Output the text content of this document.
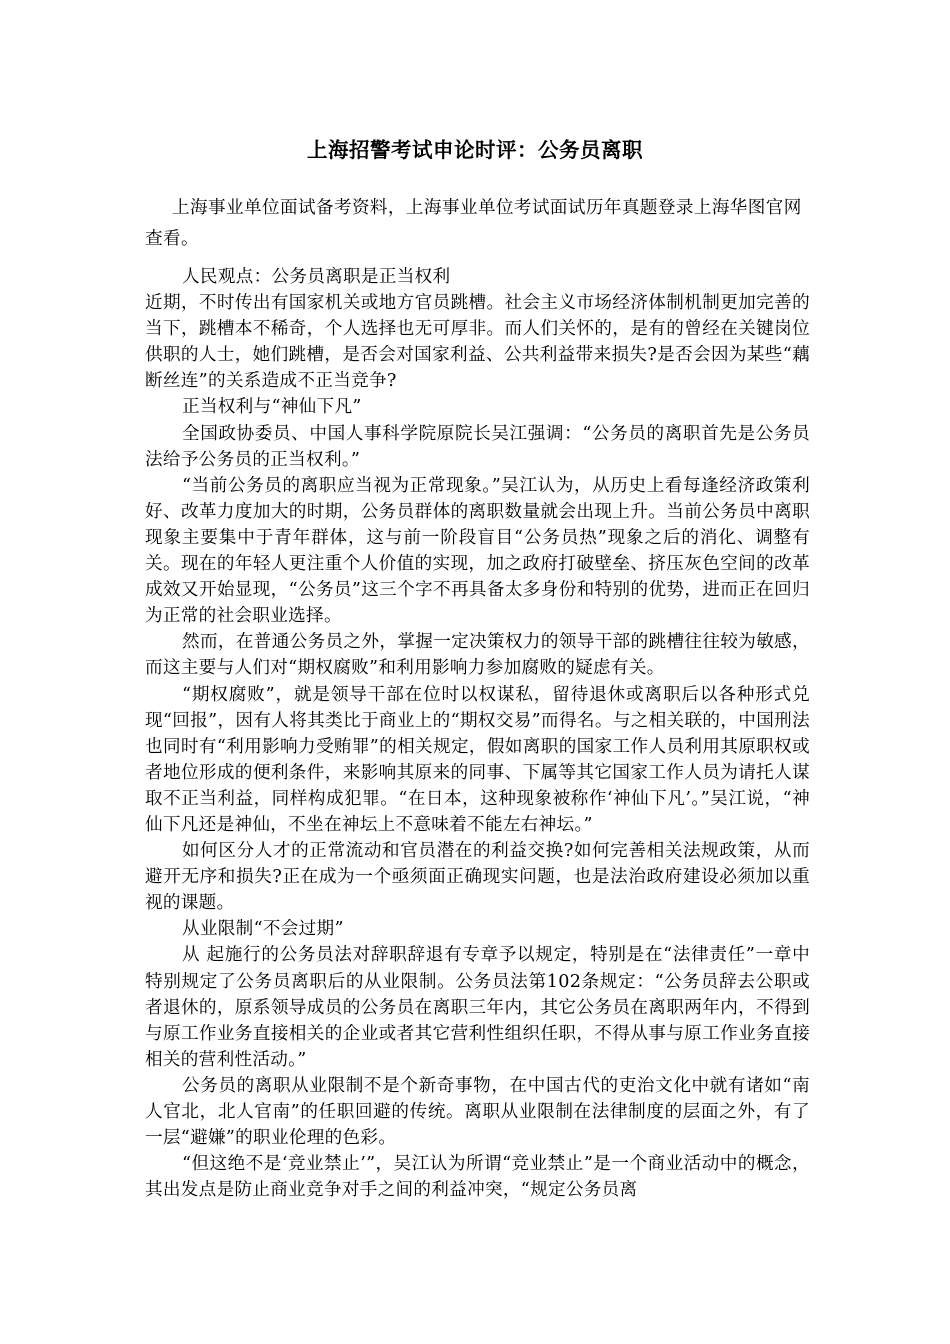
上海招警考试申论时评：公务员离职
上海事业单位面试备考资料，上海事业单位考试面试历年真题登录上海华图官网查看。

人民观点：公务员离职是正当权利

近期，不时传出有国家机关或地方官员跳槽。社会主义市场经济体制机制更加完善的当下，跳槽本不稀奇，个人选择也无可厚非。而人们关怀的，是有的曾经在关键岗位供职的人士，她们跳槽，是否会对国家利益、公共利益带来损失?是否会因为某些“藕断丝连”的关系造成不正当竞争?

正当权利与“神仙下凡”

全国政协委员、中国人事科学院原院长吴江强调：“公务员的离职首先是公务员法给予公务员的正当权利。”

“当前公务员的离职应当视为正常现象。”吴江认为，从历史上看每逢经济政策利好、改革力度加大的时期，公务员群体的离职数量就会出现上升。当前公务员中离职现象主要集中于青年群体，这与前一阶段盲目“公务员热”现象之后的消化、调整有关。现在的年轻人更注重个人价值的实现，加之政府打破壁垒、挤压灰色空间的改革成效又开始显现，“公务员”这三个字不再具备太多身份和特别的优势，进而正在回归为正常的社会职业选择。

然而，在普通公务员之外，掌握一定决策权力的领导干部的跳槽往往较为敏感，而这主要与人们对“期权腐败”和利用影响力参加腐败的疑虑有关。

“期权腐败”，就是领导干部在位时以权谋私，留待退休或离职后以各种形式兑现“回报”，因有人将其类比于商业上的“期权交易”而得名。与之相关联的，中国刑法也同时有“利用影响力受贿罪”的相关规定，假如离职的国家工作人员利用其原职权或者地位形成的便利条件，来影响其原来的同事、下属等其它国家工作人员为请托人谋取不正当利益，同样构成犯罪。“在日本，这种现象被称作‘神仙下凡’。”吴江说，“神仙下凡还是神仙，不坐在神坛上不意味着不能左右神坛。”

如何区分人才的正常流动和官员潜在的利益交换?如何完善相关法规政策，从而避开无序和损失?正在成为一个亟须面正确现实问题，也是法治政府建设必须加以重视的课题。

从业限制“不会过期”

从 起施行的公务员法对辞职辞退有专章予以规定，特别是在“法律责任”一章中特别规定了公务员离职后的从业限制。公务员法第102条规定：“公务员辞去公职或者退休的，原系领导成员的公务员在离职三年内，其它公务员在离职两年内，不得到与原工作业务直接相关的企业或者其它营利性组织任职，不得从事与原工作业务直接相关的营利性活动。”

公务员的离职从业限制不是个新奇事物，在中国古代的吏治文化中就有诸如“南人官北，北人官南”的任职回避的传统。离职从业限制在法律制度的层面之外，有了一层“避嫌”的职业伦理的色彩。

“但这绝不是‘竞业禁止’”，吴江认为所谓“竞业禁止”是一个商业活动中的概念，其出发点是防止商业竞争对手之间的利益冲突，“规定公务员离
